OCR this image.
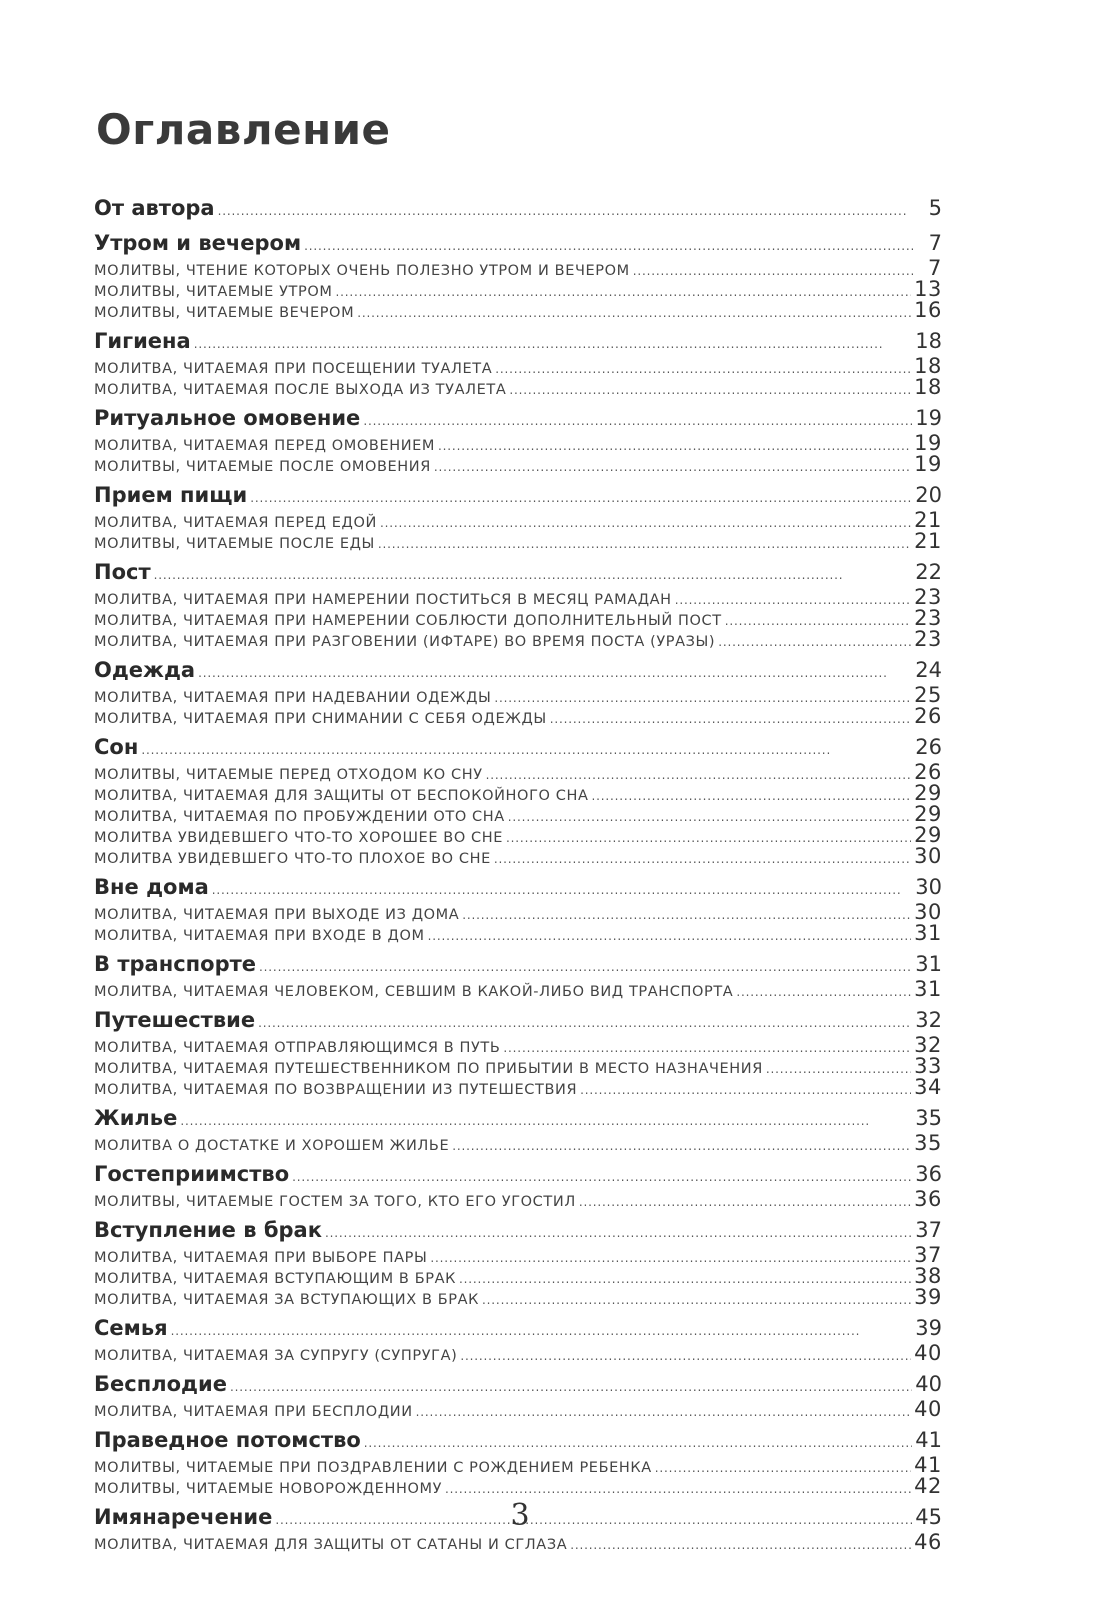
Оглавление
От автора . . .	5
Утром и вечером . . .	7
МОЛИТВЫ, ЧТЕНИЕ КОТОРЫХ ОЧЕНЬ ПОЛЕЗНО УТРОМ И ВЕЧЕРОМ . . .	7
МОЛИТВЫ, ЧИТАЕМЫЕ УТРОМ . . .	13
МОЛИТВЫ, ЧИТАЕМЫЕ ВЕЧЕРОМ . . .	16
Гигиена . . .	18
МОЛИТВА, ЧИТАЕМАЯ ПРИ ПОСЕЩЕНИИ ТУАЛЕТА . . .	18
МОЛИТВА, ЧИТАЕМАЯ ПОСЛЕ ВЫХОДА ИЗ ТУАЛЕТА . . .	18
Ритуальное омовение . . .	19
МОЛИТВА, ЧИТАЕМАЯ ПЕРЕД ОМОВЕНИЕМ . . .	19
МОЛИТВЫ, ЧИТАЕМЫЕ ПОСЛЕ ОМОВЕНИЯ . . .	19
Прием пищи . . .	20
МОЛИТВА, ЧИТАЕМАЯ ПЕРЕД ЕДОЙ . . .	21
МОЛИТВЫ, ЧИТАЕМЫЕ ПОСЛЕ ЕДЫ . . .	21
Пост . . .	22
МОЛИТВА, ЧИТАЕМАЯ ПРИ НАМЕРЕНИИ ПОСТИТЬСЯ В МЕСЯЦ РАМАДАН . . .	23
МОЛИТВА, ЧИТАЕМАЯ ПРИ НАМЕРЕНИИ СОБЛЮСТИ ДОПОЛНИТЕЛЬНЫЙ ПОСТ . . .	23
МОЛИТВА, ЧИТАЕМАЯ ПРИ РАЗГОВЕНИИ (ИФТАРЕ) ВО ВРЕМЯ ПОСТА (УРАЗЫ) . . .	23
Одежда . . .	24
МОЛИТВА, ЧИТАЕМАЯ ПРИ НАДЕВАНИИ ОДЕЖДЫ . . .	25
МОЛИТВА, ЧИТАЕМАЯ ПРИ СНИМАНИИ С СЕБЯ ОДЕЖДЫ . . .	26
Сон . . .	26
МОЛИТВЫ, ЧИТАЕМЫЕ ПЕРЕД ОТХОДОМ КО СНУ . . .	26
МОЛИТВА, ЧИТАЕМАЯ ДЛЯ ЗАЩИТЫ ОТ БЕСПОКОЙНОГО СНА . . .	29
МОЛИТВА, ЧИТАЕМАЯ ПО ПРОБУЖДЕНИИ ОТО СНА . . .	29
МОЛИТВА УВИДЕВШЕГО ЧТО-ТО ХОРОШЕЕ ВО СНЕ . . .	29
МОЛИТВА УВИДЕВШЕГО ЧТО-ТО ПЛОХОЕ ВО СНЕ . . .	30
Вне дома . . .	30
МОЛИТВА, ЧИТАЕМАЯ ПРИ ВЫХОДЕ ИЗ ДОМА . . .	30
МОЛИТВА, ЧИТАЕМАЯ ПРИ ВХОДЕ В ДОМ . . .	31
В транспорте . . .	31
МОЛИТВА, ЧИТАЕМАЯ ЧЕЛОВЕКОМ, СЕВШИМ В КАКОЙ-ЛИБО ВИД ТРАНСПОРТА . . .	31
Путешествие . . .	32
МОЛИТВА, ЧИТАЕМАЯ ОТПРАВЛЯЮЩИМСЯ В ПУТЬ . . .	32
МОЛИТВА, ЧИТАЕМАЯ ПУТЕШЕСТВЕННИКОМ ПО ПРИБЫТИИ В МЕСТО НАЗНАЧЕНИЯ . . .	33
МОЛИТВА, ЧИТАЕМАЯ ПО ВОЗВРАЩЕНИИ ИЗ ПУТЕШЕСТВИЯ . . .	34
Жилье . . .	35
МОЛИТВА О ДОСТАТКЕ И ХОРОШЕМ ЖИЛЬЕ . . .	35
Гостеприимство . . .	36
МОЛИТВЫ, ЧИТАЕМЫЕ ГОСТЕМ ЗА ТОГО, КТО ЕГО УГОСТИЛ . . .	36
Вступление в брак . . .	37
МОЛИТВА, ЧИТАЕМАЯ ПРИ ВЫБОРЕ ПАРЫ . . .	37
МОЛИТВА, ЧИТАЕМАЯ ВСТУПАЮЩИМ В БРАК . . .	38
МОЛИТВА, ЧИТАЕМАЯ ЗА ВСТУПАЮЩИХ В БРАК . . .	39
Семья . . .	39
МОЛИТВА, ЧИТАЕМАЯ ЗА СУПРУГУ (СУПРУГА) . . .	40
Бесплодие . . .	40
МОЛИТВА, ЧИТАЕМАЯ ПРИ БЕСПЛОДИИ . . .	40
Праведное потомство . . .	41
МОЛИТВЫ, ЧИТАЕМЫЕ ПРИ ПОЗДРАВЛЕНИИ С РОЖДЕНИЕМ РЕБЕНКА . . .	41
МОЛИТВЫ, ЧИТАЕМЫЕ НОВОРОЖДЕННОМУ . . .	42
Имянаречение . . .	45
МОЛИТВА, ЧИТАЕМАЯ ДЛЯ ЗАЩИТЫ ОТ САТАНЫ И СГЛАЗА . . .	46
3
